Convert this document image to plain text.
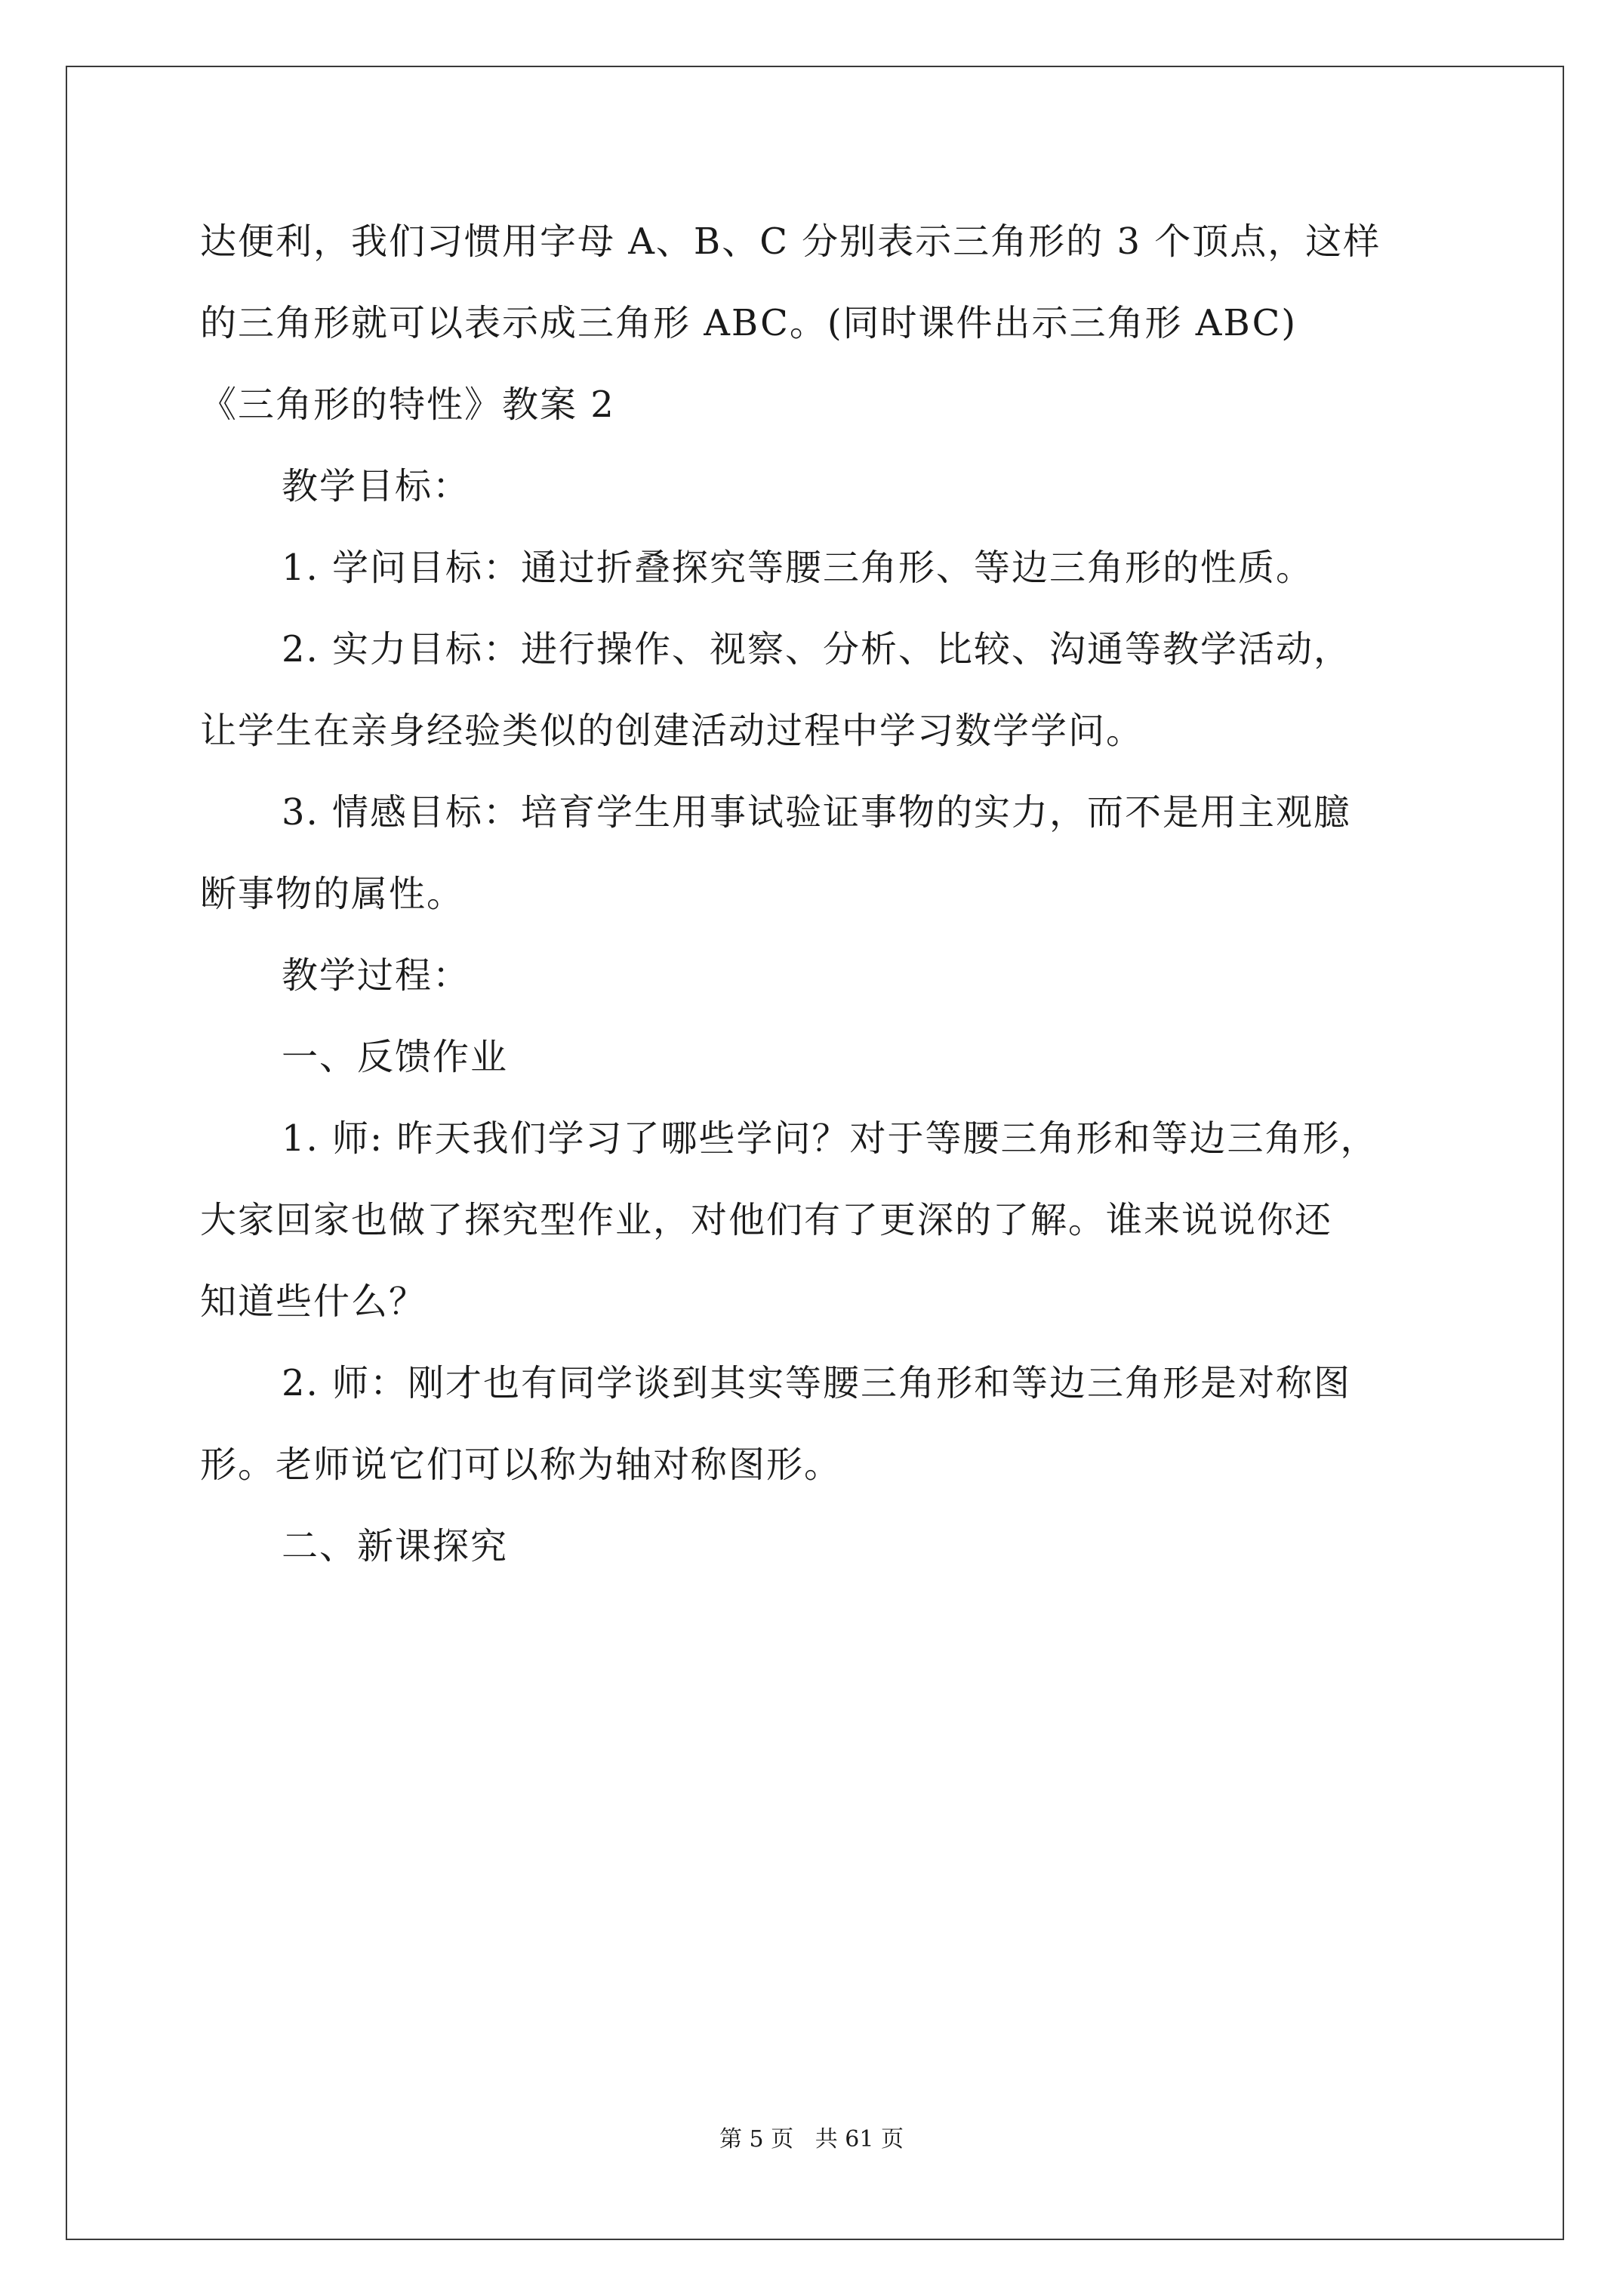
达便利，我们习惯用字母 A、B、C 分别表示三角形的 3 个顶点，这样
的三角形就可以表示成三角形 ABC。(同时课件出示三角形 ABC)
《三角形的特性》教案 2
教学目标：
1. 学问目标：通过折叠探究等腰三角形、等边三角形的性质。
2. 实力目标：进行操作、视察、分析、比较、沟通等教学活动，
让学生在亲身经验类似的创建活动过程中学习数学学问。
3. 情感目标：培育学生用事试验证事物的实力，而不是用主观臆
断事物的属性。
教学过程：
一、反馈作业
1. 师: 昨天我们学习了哪些学问？对于等腰三角形和等边三角形，
大家回家也做了探究型作业，对他们有了更深的了解。谁来说说你还
知道些什么？
2. 师：刚才也有同学谈到其实等腰三角形和等边三角形是对称图
形。老师说它们可以称为轴对称图形。
二、新课探究
第 5 页   共 61 页
